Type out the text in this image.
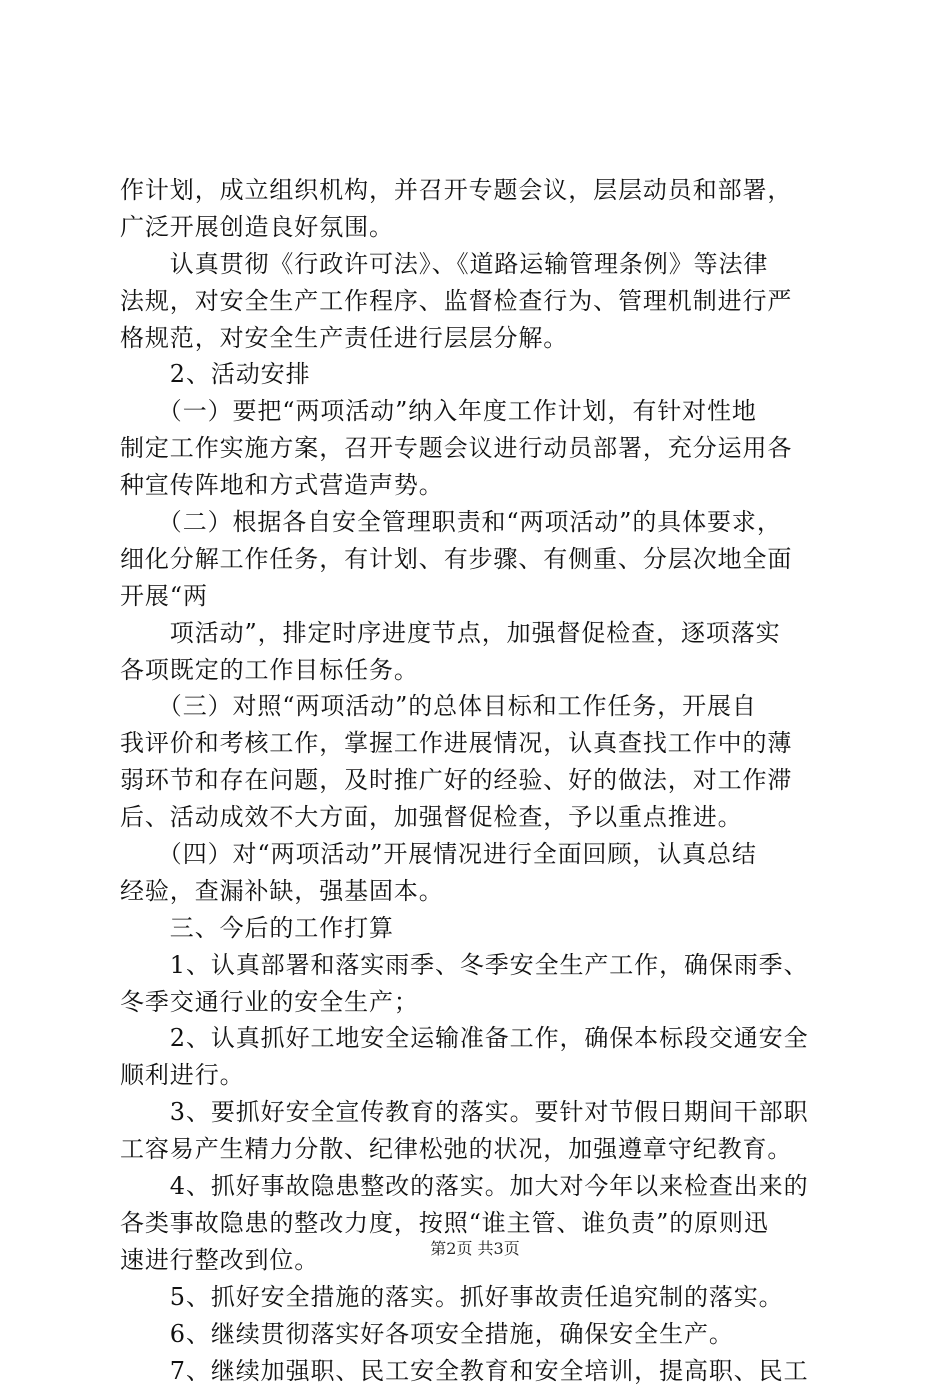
作计划，成立组织机构，并召开专题会议，层层动员和部署，
广泛开展创造良好氛围。
　　认真贯彻《行政许可法》、《道路运输管理条例》等法律
法规，对安全生产工作程序、监督检查行为、管理机制进行严
格规范，对安全生产责任进行层层分解。
　　2、活动安排
　　（一）要把“两项活动”纳入年度工作计划，有针对性地
制定工作实施方案，召开专题会议进行动员部署，充分运用各
种宣传阵地和方式营造声势。
　　（二）根据各自安全管理职责和“两项活动”的具体要求，
细化分解工作任务，有计划、有步骤、有侧重、分层次地全面
开展“两
　　项活动”，排定时序进度节点，加强督促检查，逐项落实
各项既定的工作目标任务。
　　（三）对照“两项活动”的总体目标和工作任务，开展自
我评价和考核工作，掌握工作进展情况，认真查找工作中的薄
弱环节和存在问题，及时推广好的经验、好的做法，对工作滞
后、活动成效不大方面，加强督促检查，予以重点推进。
　　（四）对“两项活动”开展情况进行全面回顾，认真总结
经验，查漏补缺，强基固本。
　　三、今后的工作打算
　　1、认真部署和落实雨季、冬季安全生产工作，确保雨季、
冬季交通行业的安全生产；
　　2、认真抓好工地安全运输准备工作，确保本标段交通安全
顺利进行。
　　3、要抓好安全宣传教育的落实。要针对节假日期间干部职
工容易产生精力分散、纪律松弛的状况，加强遵章守纪教育。
　　4、抓好事故隐患整改的落实。加大对今年以来检查出来的
各类事故隐患的整改力度，按照“谁主管、谁负责”的原则迅
速进行整改到位。
　　5、抓好安全措施的落实。抓好事故责任追究制的落实。
　　6、继续贯彻落实好各项安全措施，确保安全生产。
　　7、继续加强职、民工安全教育和安全培训，提高职、民工
第2页 共3页
